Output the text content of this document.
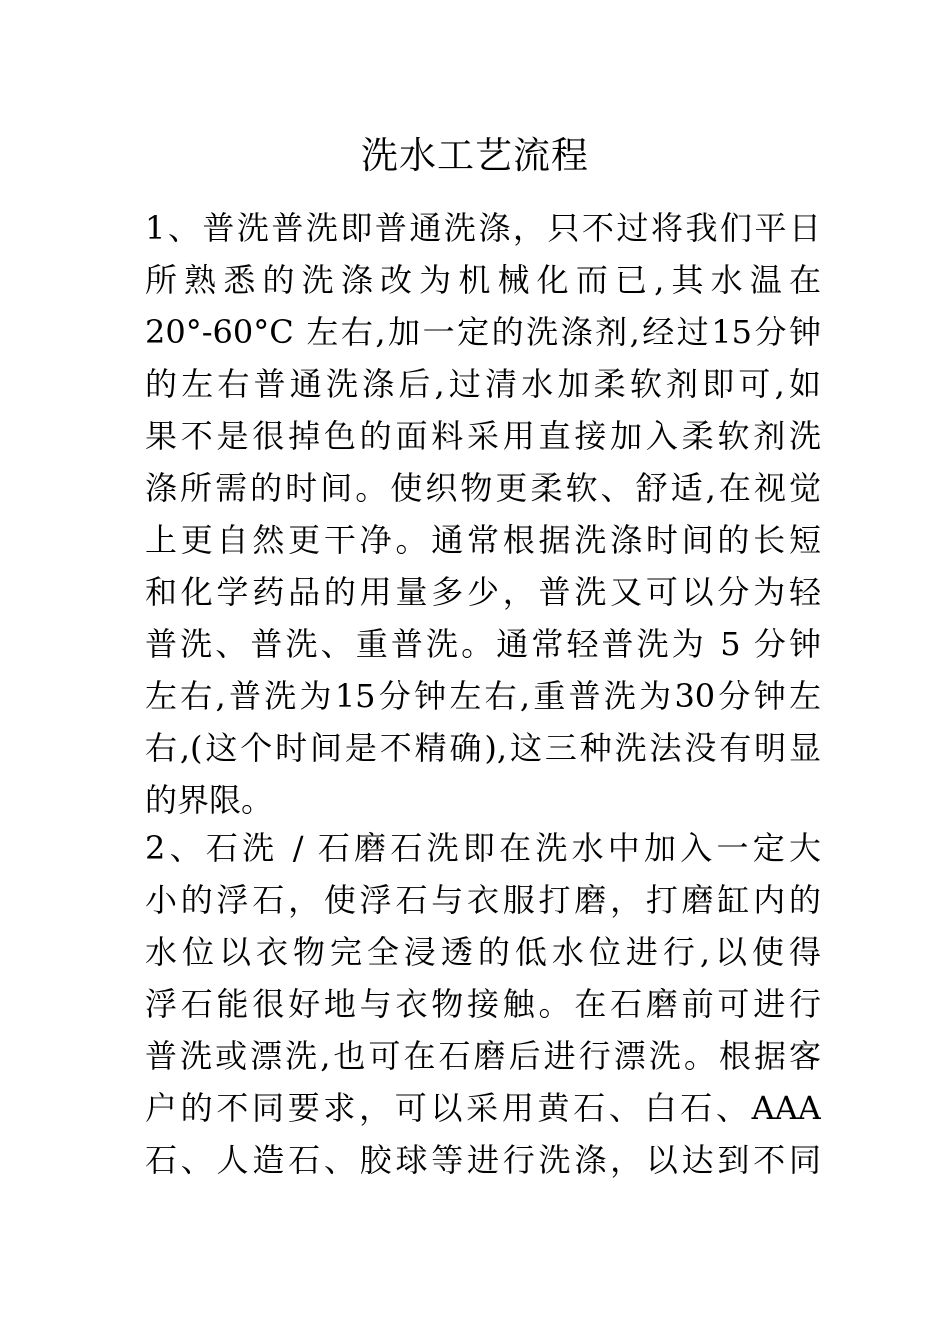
洗水工艺流程
1、普洗普洗即普通洗涤，只不过将我们平日
所熟悉的洗涤改为机械化而已,其水温在
20°-60°C 左右,加一定的洗涤剂,经过15分钟
的左右普通洗涤后,过清水加柔软剂即可,如
果不是很掉色的面料采用直接加入柔软剂洗
涤所需的时间。使织物更柔软、舒适,在视觉
上更自然更干净。通常根据洗涤时间的长短
和化学药品的用量多少，普洗又可以分为轻
普洗、普洗、重普洗。通常轻普洗为 5 分钟
左右,普洗为15分钟左右,重普洗为30分钟左
右,(这个时间是不精确),这三种洗法没有明显
的界限。
2、石洗 / 石磨石洗即在洗水中加入一定大
小的浮石，使浮石与衣服打磨，打磨缸内的
水位以衣物完全浸透的低水位进行,以使得
浮石能很好地与衣物接触。在石磨前可进行
普洗或漂洗,也可在石磨后进行漂洗。根据客
户的不同要求，可以采用黄石、白石、AAA
石、人造石、胶球等进行洗涤，以达到不同
